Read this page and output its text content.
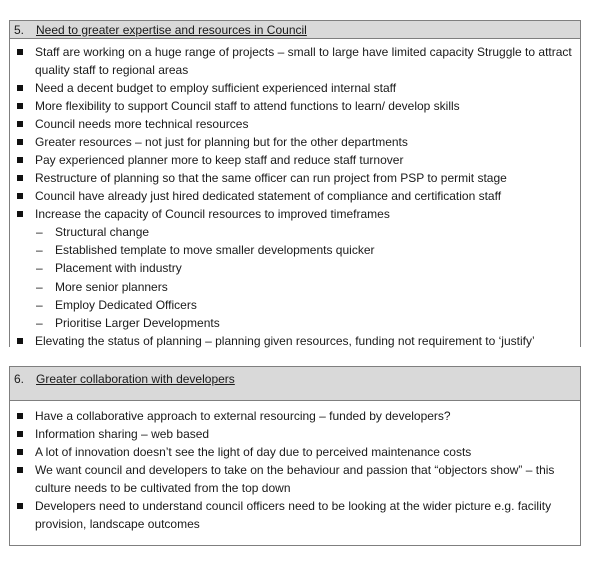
5. Need to greater expertise and resources in Council
Staff are working on a huge range of projects – small to large have limited capacity Struggle to attract quality staff to regional areas
Need a decent budget to employ sufficient experienced internal staff
More flexibility to support Council staff to attend functions to learn/ develop skills
Council needs more technical resources
Greater resources – not just for planning but for the other departments
Pay experienced planner more to keep staff and reduce staff turnover
Restructure of planning so that the same officer can run project from PSP to permit stage
Council have already just hired dedicated statement of compliance and certification staff
Increase the capacity of Council resources to improved timeframes
– Structural change
– Established template to move smaller developments quicker
– Placement with industry
– More senior planners
– Employ Dedicated Officers
– Prioritise Larger Developments
Elevating the status of planning – planning given resources, funding not requirement to ‘justify’
6. Greater collaboration with developers
Have a collaborative approach to external resourcing – funded by developers?
Information sharing – web based
A lot of innovation doesn’t see the light of day due to perceived maintenance costs
We want council and developers to take on the behaviour and passion that “objectors show” – this culture needs to be cultivated from the top down
Developers need to understand council officers need to be looking at the wider picture e.g. facility provision, landscape outcomes
